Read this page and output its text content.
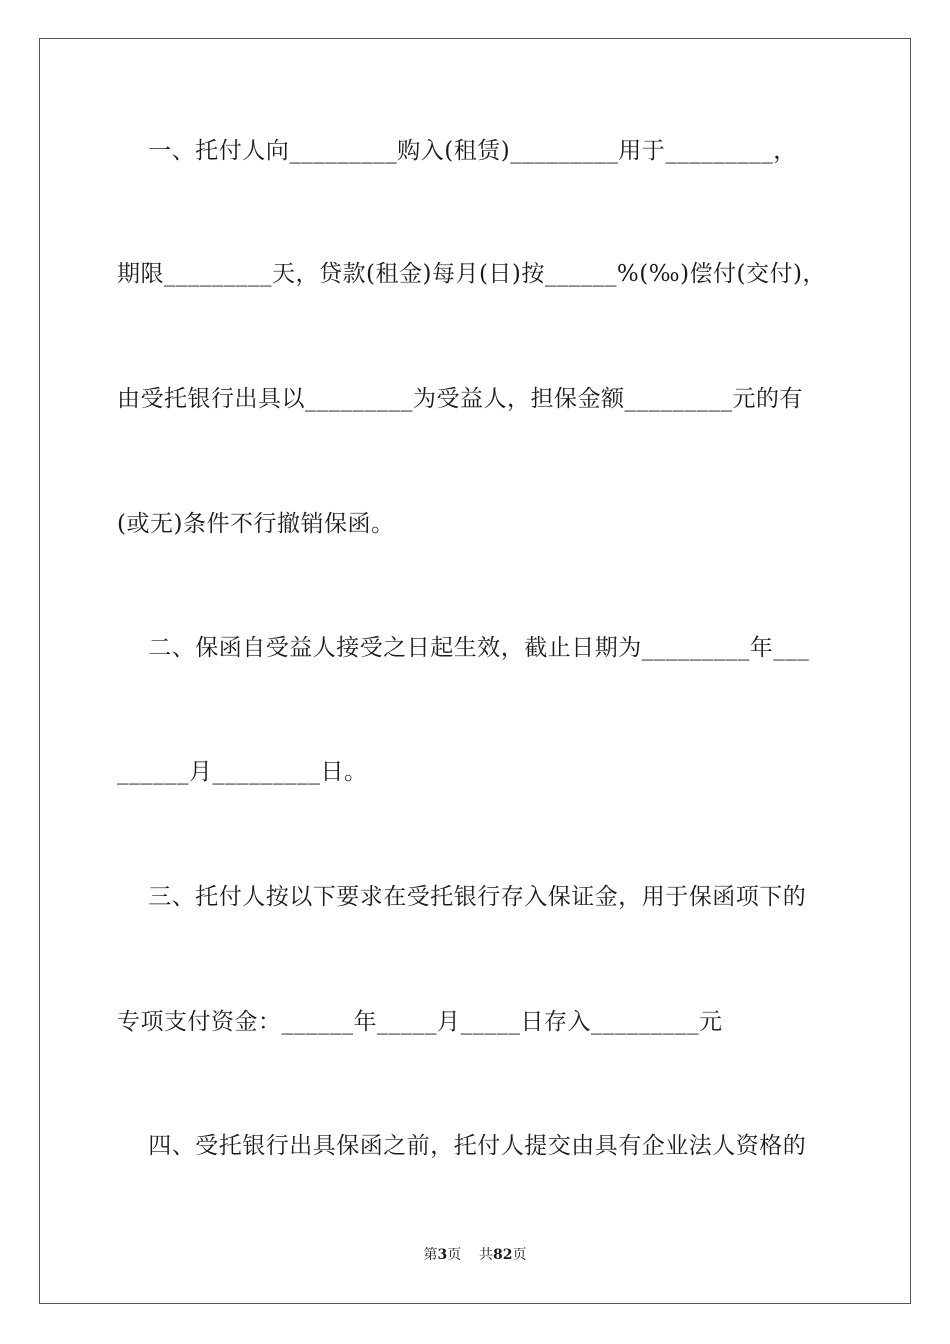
一、托付人向_________购入(租赁)_________用于_________，
期限_________天，贷款(租金)每月(日)按______%(‰)偿付(交付)，
由受托银行出具以_________为受益人，担保金额_________元的有
(或无)条件不行撤销保函。
二、保函自受益人接受之日起生效，截止日期为_________年___
______月_________日。
三、托付人按以下要求在受托银行存入保证金，用于保函项下的
专项支付资金：______年_____月_____日存入_________元
四、受托银行出具保函之前，托付人提交由具有企业法人资格的
第3页 共82页
